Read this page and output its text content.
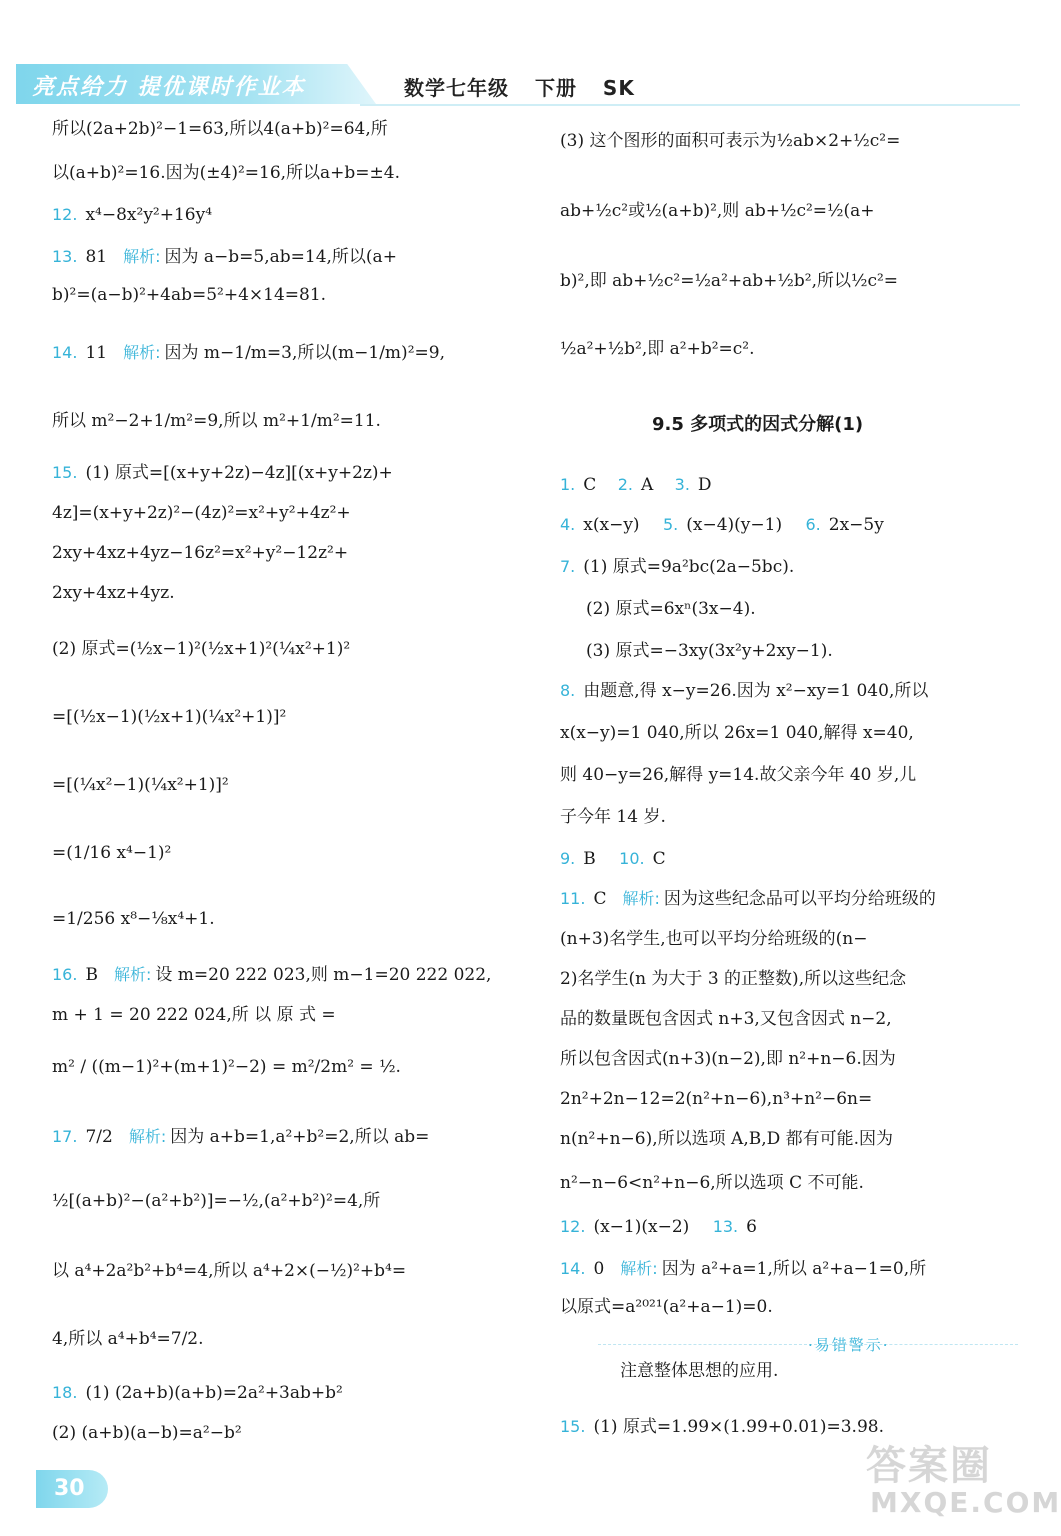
亮点给力 提优课时作业本	数学七年级 下册 SK
所以(2a+2b)²−1=63,所以4(a+b)²=64,所
以(a+b)²=16.因为(±4)²=16,所以a+b=±4.
12. x⁴−8x²y²+16y⁴
13. 81 解析: 因为 a−b=5,ab=14,所以(a+
b)²=(a−b)²+4ab=5²+4×14=81.
14. 11 解析: 因为 m−1/m=3,所以(m−1/m)²=9,
所以 m²−2+1/m²=9,所以 m²+1/m²=11.
15. (1) 原式=[(x+y+2z)−4z][(x+y+2z)+
4z]=(x+y+2z)²−(4z)²=x²+y²+4z²+
2xy+4xz+4yz−16z²=x²+y²−12z²+
2xy+4xz+4yz.
(2) 原式=(½x−1)²(½x+1)²(¼x²+1)²
=[(½x−1)(½x+1)(¼x²+1)]²
=[(¼x²−1)(¼x²+1)]²
=(1/16 x⁴−1)²
=1/256 x⁸−⅛x⁴+1.
16. B 解析: 设 m=20 222 023,则 m−1=20 222 022,
m + 1 = 20 222 024,所 以 原 式 =
m² / ((m−1)²+(m+1)²−2) = m²/2m² = ½.
17. 7/2 解析: 因为 a+b=1,a²+b²=2,所以 ab=
½[(a+b)²−(a²+b²)]=−½,(a²+b²)²=4,所
以 a⁴+2a²b²+b⁴=4,所以 a⁴+2×(−½)²+b⁴=
4,所以 a⁴+b⁴=7/2.
18. (1) (2a+b)(a+b)=2a²+3ab+b²
(2) (a+b)(a−b)=a²−b²
(3) 这个图形的面积可表示为½ab×2+½c²=
ab+½c²或½(a+b)²,则 ab+½c²=½(a+
b)²,即 ab+½c²=½a²+ab+½b²,所以½c²=
½a²+½b²,即 a²+b²=c².
9.5 多项式的因式分解(1)
1. C 2. A 3. D
4. x(x−y) 5. (x−4)(y−1) 6. 2x−5y
7. (1) 原式=9a²bc(2a−5bc).
(2) 原式=6xⁿ(3x−4).
(3) 原式=−3xy(3x²y+2xy−1).
8. 由题意,得 x−y=26.因为 x²−xy=1 040,所以
x(x−y)=1 040,所以 26x=1 040,解得 x=40,
则 40−y=26,解得 y=14.故父亲今年 40 岁,儿
子今年 14 岁.
9. B 10. C
11. C 解析: 因为这些纪念品可以平均分给班级的
(n+3)名学生,也可以平均分给班级的(n−
2)名学生(n 为大于 3 的正整数),所以这些纪念
品的数量既包含因式 n+3,又包含因式 n−2,
所以包含因式(n+3)(n−2),即 n²+n−6.因为
2n²+2n−12=2(n²+n−6),n³+n²−6n=
n(n²+n−6),所以选项 A,B,D 都有可能.因为
n²−n−6<n²+n−6,所以选项 C 不可能.
12. (x−1)(x−2) 13. 6
14. 0 解析: 因为 a²+a=1,所以 a²+a−1=0,所
以原式=a²⁰²¹(a²+a−1)=0.
·易错警示·
注意整体思想的应用.
15. (1) 原式=1.99×(1.99+0.01)=3.98.
30	答案圈
MXQE.COM
